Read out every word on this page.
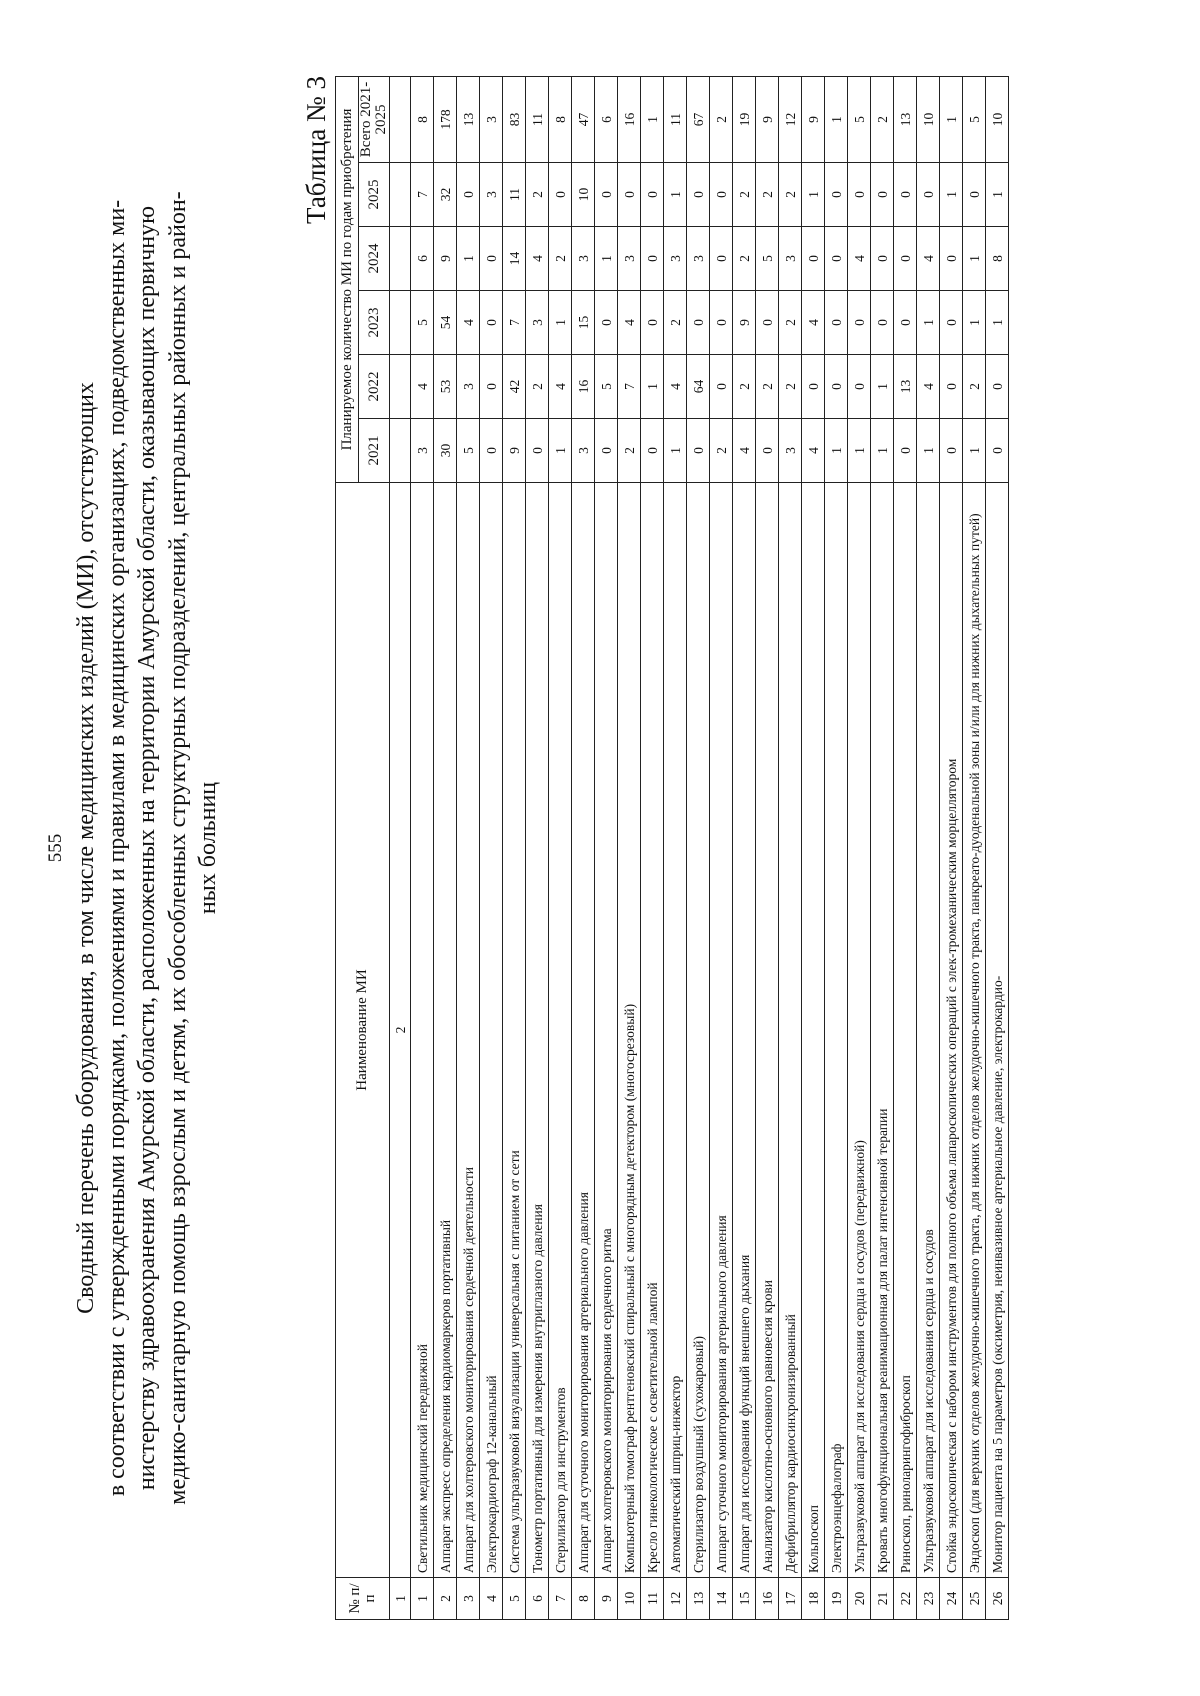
555 Сводный перечень оборудования, в том числе медицинских изделий (МИ), отсутствующих в соответствии с утвержденными порядками, положениями и правилами в медицинских организациях, подведомственных ми- нистерству здравоохранения Амурской области, расположенных на территории Амурской области, оказывающих первичную медико-санитарную помощь взрослым и детям, их обособленных структурных подразделений, центральных районных и район- ных больниц
Таблица № 3
№ п/п	Наименование МИ	Планируемое количество МИ по годам приобретения					
		2021	2022	2023	2024	2025	Всего 2021-2025
1	2						
1	Светильник медицинский передвижной	3	4	5	6	7	8
2	Аппарат экспресс определения кардиомаркеров портативный	30	53	54	9	32	178
3	Аппарат для холтеровского мониторирования сердечной деятельности	5	3	4	1	0	13
4	Электрокардиограф 12-канальный	0	0	0	0	3	3
5	Система ультразвуковой визуализации универсальная с питанием от сети	9	42	7	14	11	83
6	Тонометр портативный для измерения внутриглазного давления	0	2	3	4	2	11
7	Стерилизатор для инструментов	1	4	1	2	0	8
8	Аппарат для суточного мониторирования артериального давления	3	16	15	3	10	47
9	Аппарат холтеровского мониторирования сердечного ритма	0	5	0	1	0	6
10	Компьютерный томограф рентгеновский спиральный с многорядным детектором (многосрезовый)	2	7	4	3	0	16
11	Кресло гинекологическое с осветительной лампой	0	1	0	0	0	1
12	Автоматический шприц-инжектор	1	4	2	3	1	11
13	Стерилизатор воздушный (сухожаровый)	0	64	0	3	0	67
14	Аппарат суточного мониторирования артериального давления	2	0	0	0	0	2
15	Аппарат для исследования функций внешнего дыхания	4	2	9	2	2	19
16	Анализатор кислотно-основного равновесия крови	0	2	0	5	2	9
17	Дефибриллятор кардиосинхронизированный	3	2	2	3	2	12
18	Кольпоскоп	4	0	4	0	1	9
19	Электроэнцефалограф	1	0	0	0	0	1
20	Ультразвуковой аппарат для исследования сердца и сосудов (передвижной)	1	0	0	4	0	5
21	Кровать многофункциональная реанимационная для палат интенсивной терапии	1	1	0	0	0	2
22	Риноскоп, риноларингофиброскоп	0	13	0	0	0	13
23	Ультразвуковой аппарат для исследования сердца и сосудов	1	4	1	4	0	10
24	Стойка эндоскопическая с набором инструментов для полного объема лапароскопических операций с элек-тромеханическим морцеллятором	0	0	0	0	1	1
25	Эндоскоп (для верхних отделов желудочно-кишечного тракта, для нижних отделов желудочно-кишечного тракта, панкреато-дуоденальной зоны и/или для нижних дыхательных путей)	1	2	1	1	0	5
26	Монитор пациента на 5 параметров (оксиметрия, неинвазивное артериальное давление, электрокардио-	0	0	1	8	1	10
